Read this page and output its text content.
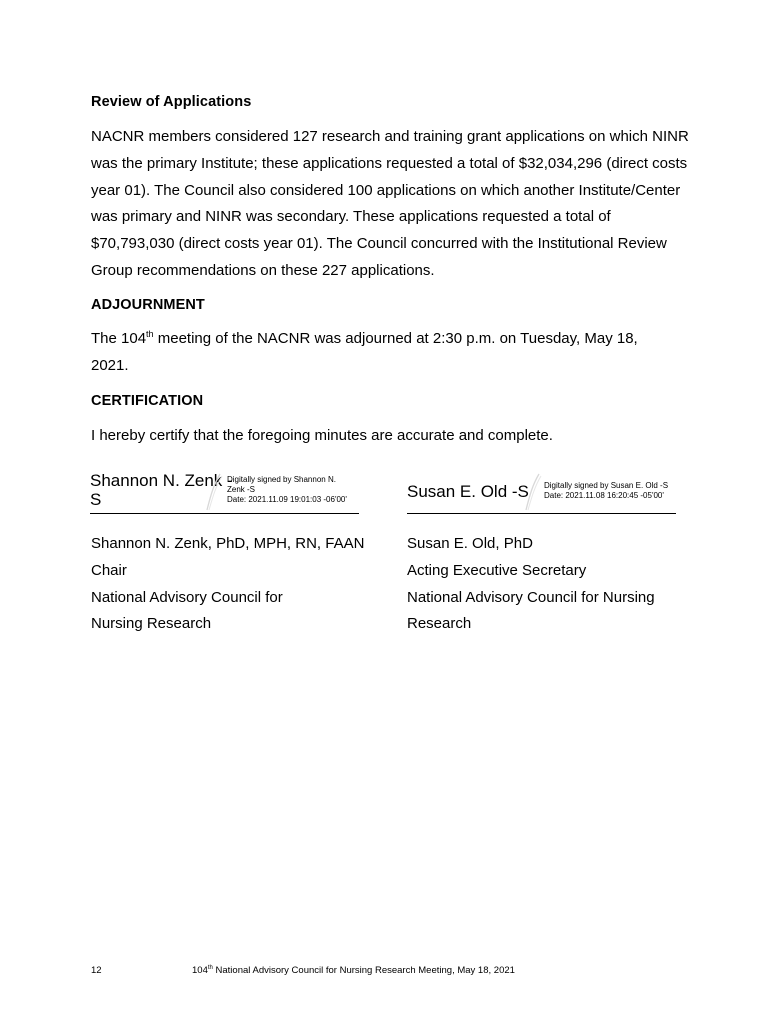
Review of Applications
NACNR members considered 127 research and training grant applications on which NINR was the primary Institute; these applications requested a total of $32,034,296 (direct costs year 01). The Council also considered 100 applications on which another Institute/Center was primary and NINR was secondary. These applications requested a total of $70,793,030 (direct costs year 01). The Council concurred with the Institutional Review Group recommendations on these 227 applications.
ADJOURNMENT
The 104th meeting of the NACNR was adjourned at 2:30 p.m. on Tuesday, May 18, 2021.
CERTIFICATION
I hereby certify that the foregoing minutes are accurate and complete.
Shannon N. Zenk -
S
Digitally signed by Shannon N.
Zenk -S
Date: 2021.11.09 19:01:03 -06'00'	Susan E. Old -S Digitally signed by Susan E. Old -S
Date: 2021.11.08 16:20:45 -05'00'
Shannon N. Zenk, PhD, MPH, RN, FAAN
Chair
National Advisory Council for
Nursing Research
Susan E. Old, PhD
Acting Executive Secretary
National Advisory Council for Nursing
Research
12	104th National Advisory Council for Nursing Research Meeting, May 18, 2021
